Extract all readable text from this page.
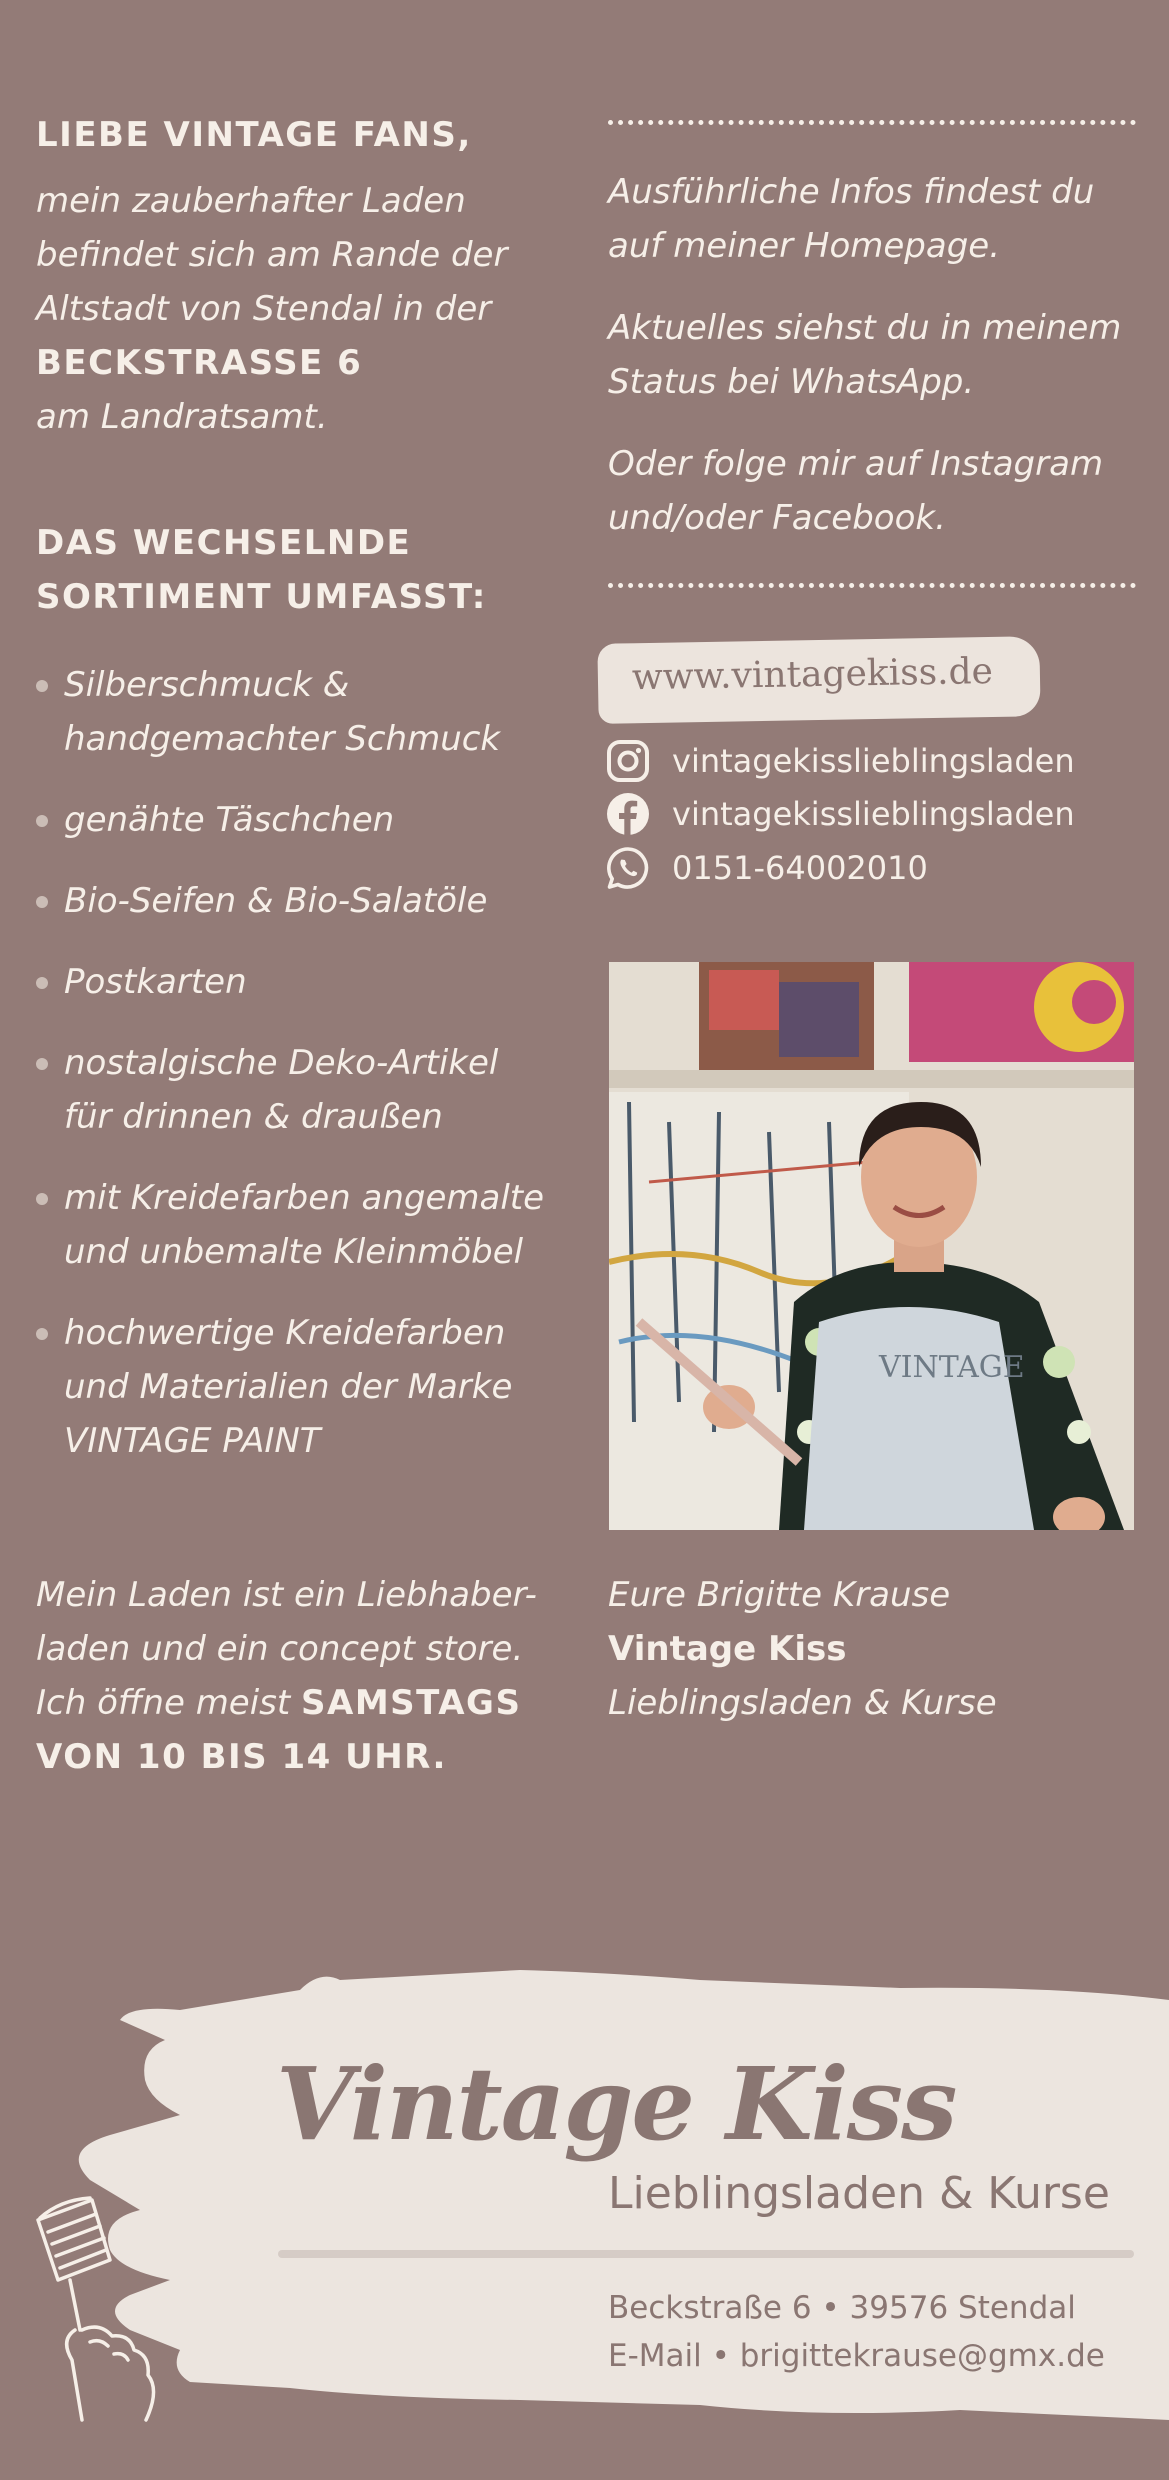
LIEBE VINTAGE FANS,

mein zauberhafter Laden

befindet sich am Rande der

Altstadt von Stendal in der

BECKSTRASSE 6

am Landratsamt.

DAS WECHSELNDE

SORTIMENT UMFASST:

Silberschmuck &
handgemachter Schmuck
genähte Täschchen
Bio-Seifen & Bio-Salatöle
Postkarten
nostalgische Deko-Artikel
für drinnen & draußen
mit Kreidefarben angemalte
und unbemalte Kleinmöbel
hochwertige Kreidefarben
und Materialien der Marke
VINTAGE PAINT

Mein Laden ist ein Liebhaber-

laden und ein concept store.

Ich öffne meist SAMSTAGS

VON 10 BIS 14 UHR.

Ausführliche Infos findest du

auf meiner Homepage.

Aktuelles siehst du in meinem

Status bei WhatsApp.

Oder folge mir auf Instagram

und/oder Facebook.

www.vintagekiss.de
vintagekisslieblingsladen
vintagekisslieblingsladen
0151-64002010
VINTAGE

Eure Brigitte Krause

Vintage Kiss

Lieblingsladen & Kurse

Vintage Kiss
Lieblingsladen & Kurse
Beckstraße 6 • 39576 Stendal
E-Mail • brigittekrause@gmx.de
